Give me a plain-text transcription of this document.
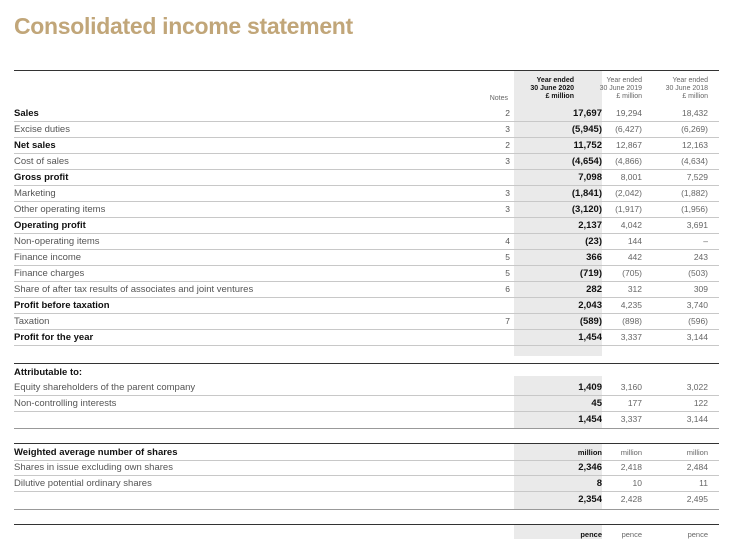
Consolidated income statement
Notes
Year ended
30 June 2020
£ million
Year ended
30 June 2019
£ million
Year ended
30 June 2018
£ million
Sales	2	17,697	19,294	18,432
Excise duties	3	(5,945)	(6,427)	(6,269)
Net sales	2	11,752	12,867	12,163
Cost of sales	3	(4,654)	(4,866)	(4,634)
Gross profit	7,098	8,001	7,529
Marketing	3	(1,841)	(2,042)	(1,882)
Other operating items	3	(3,120)	(1,917)	(1,956)
Operating profit	2,137	4,042	3,691
Non-operating items	4	(23)	144	–
Finance income	5	366	442	243
Finance charges	5	(719)	(705)	(503)
Share of after tax results of associates and joint ventures	6	282	312	309
Profit before taxation	2,043	4,235	3,740
Taxation	7	(589)	(898)	(596)
Profit for the year	1,454	3,337	3,144
Attributable to:
Equity shareholders of the parent company	1,409	3,160	3,022
Non-controlling interests	45	177	122
1,454	3,337	3,144
Weighted average number of shares	million	million	million
Shares in issue excluding own shares	2,346	2,418	2,484
Dilutive potential ordinary shares	8	10	11
2,354	2,428	2,495
pence	pence	pence
